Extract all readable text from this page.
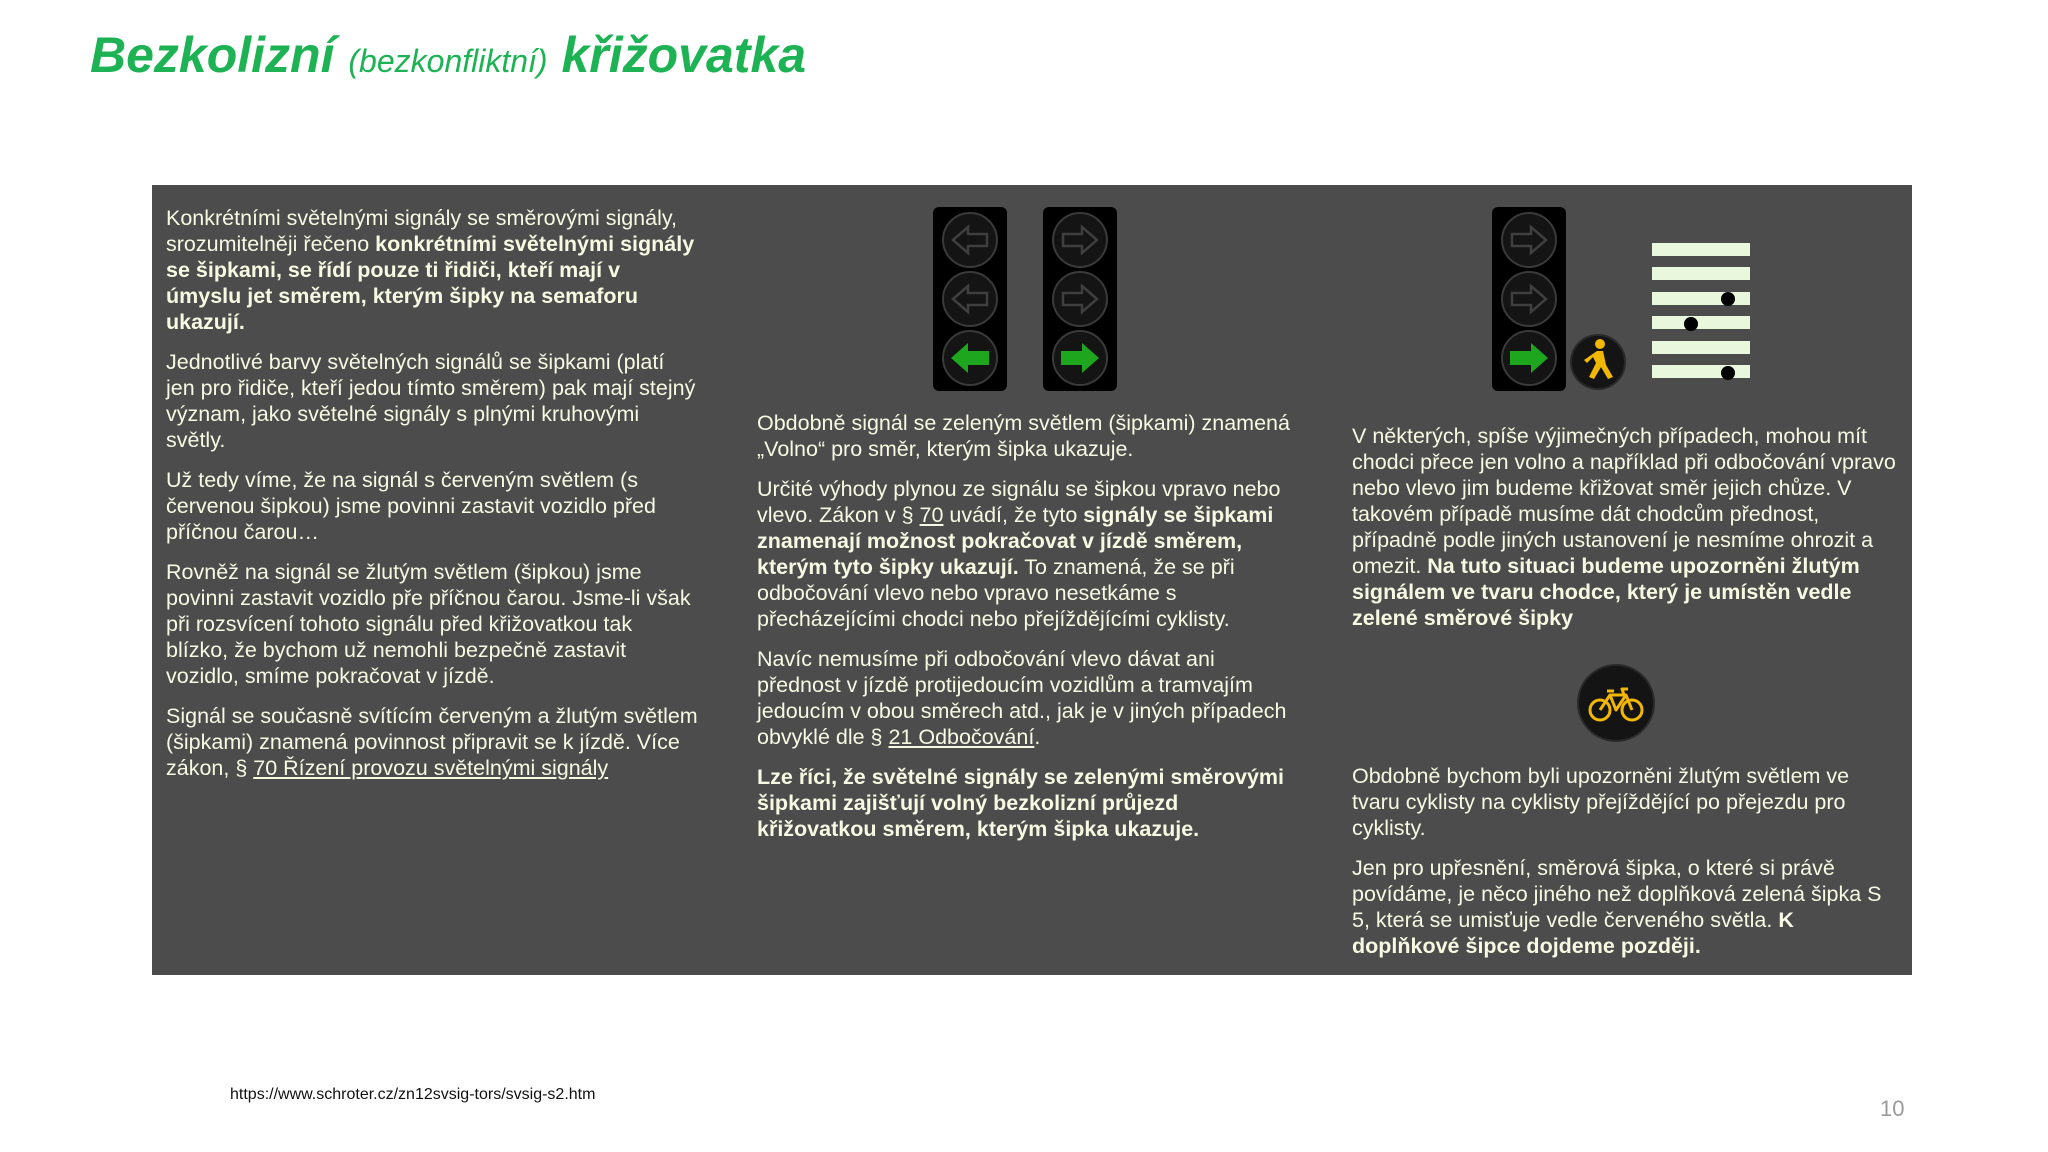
Bezkolizní (bezkonfliktní) křižovatka

Konkrétními světelnými signály se směrovými signály, srozumitelněji řečeno konkrétními světelnými signály se šipkami, se řídí pouze ti řidiči, kteří mají v úmyslu jet směrem, kterým šipky na semaforu ukazují.

Jednotlivé barvy světelných signálů se šipkami (platí jen pro řidiče, kteří jedou tímto směrem) pak mají stejný význam, jako světelné signály s plnými kruhovými světly.

Už tedy víme, že na signál s červeným světlem (s červenou šipkou) jsme povinni zastavit vozidlo před příčnou čarou…

Rovněž na signál se žlutým světlem (šipkou) jsme povinni zastavit vozidlo pře příčnou čarou. Jsme-li však při rozsvícení tohoto signálu před křižovatkou tak blízko, že bychom už nemohli bezpečně zastavit vozidlo, smíme pokračovat v jízdě.

Signál se současně svítícím červeným a žlutým světlem (šipkami) znamená povinnost připravit se k jízdě. Více zákon, § 70 Řízení provozu světelnými signály

Obdobně signál se zeleným světlem (šipkami) znamená „Volno“ pro směr, kterým šipka ukazuje.

Určité výhody plynou ze signálu se šipkou vpravo nebo vlevo. Zákon v § 70 uvádí, že tyto signály se šipkami znamenají možnost pokračovat v jízdě směrem, kterým tyto šipky ukazují. To znamená, že se při odbočování vlevo nebo vpravo nesetkáme s přecházejícími chodci nebo přejíždějícími cyklisty.

Navíc nemusíme při odbočování vlevo dávat ani přednost v jízdě protijedoucím vozidlům a tramvajím jedoucím v obou směrech atd., jak je v jiných případech obvyklé dle § 21 Odbočování.

Lze říci, že světelné signály se zelenými směrovými šipkami zajišťují volný bezkolizní průjezd křižovatkou směrem, kterým šipka ukazuje.

V některých, spíše výjimečných případech, mohou mít chodci přece jen volno a například při odbočování vpravo nebo vlevo jim budeme křižovat směr jejich chůze. V takovém případě musíme dát chodcům přednost, případně podle jiných ustanovení je nesmíme ohrozit a omezit. Na tuto situaci budeme upozorněni žlutým signálem ve tvaru chodce, který je umístěn vedle zelené směrové šipky

Obdobně bychom byli upozorněni žlutým světlem ve tvaru cyklisty na cyklisty přejíždějící po přejezdu pro cyklisty.

Jen pro upřesnění, směrová šipka, o které si právě povídáme, je něco jiného než doplňková zelená šipka S 5, která se umisťuje vedle červeného světla. K doplňkové šipce dojdeme později.

https://www.schroter.cz/zn12svsig-tors/svsig-s2.htm
10
